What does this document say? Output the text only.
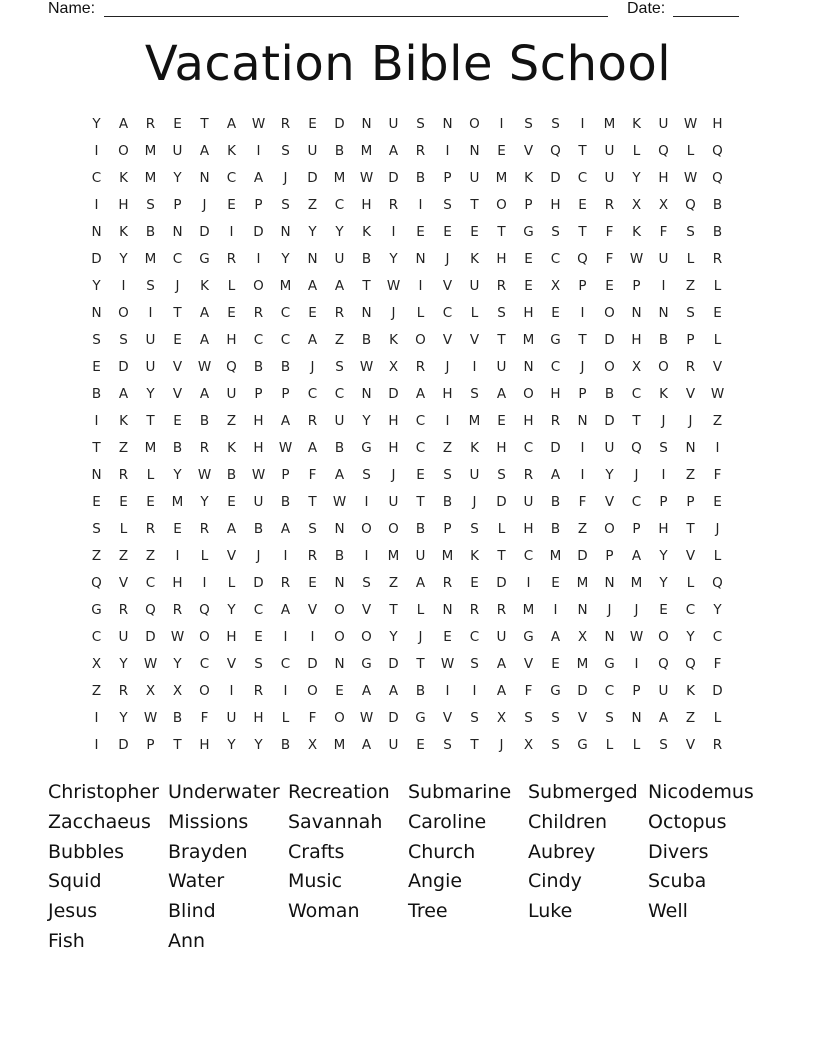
Name:	Date:
Vacation Bible School
Y	A	R	E	T	A	W	R	E	D	N	U	S	N	O	I	S	S	I	M	K	U	W	H
I	O	M	U	A	K	I	S	U	B	M	A	R	I	N	E	V	Q	T	U	L	Q	L	Q
C	K	M	Y	N	C	A	J	D	M	W	D	B	P	U	M	K	D	C	U	Y	H	W	Q
I	H	S	P	J	E	P	S	Z	C	H	R	I	S	T	O	P	H	E	R	X	X	Q	B
N	K	B	N	D	I	D	N	Y	Y	K	I	E	E	E	T	G	S	T	F	K	F	S	B
D	Y	M	C	G	R	I	Y	N	U	B	Y	N	J	K	H	E	C	Q	F	W	U	L	R
Y	I	S	J	K	L	O	M	A	A	T	W	I	V	U	R	E	X	P	E	P	I	Z	L
N	O	I	T	A	E	R	C	E	R	N	J	L	C	L	S	H	E	I	O	N	N	S	E
S	S	U	E	A	H	C	C	A	Z	B	K	O	V	V	T	M	G	T	D	H	B	P	L
E	D	U	V	W	Q	B	B	J	S	W	X	R	J	I	U	N	C	J	O	X	O	R	V
B	A	Y	V	A	U	P	P	C	C	N	D	A	H	S	A	O	H	P	B	C	K	V	W
I	K	T	E	B	Z	H	A	R	U	Y	H	C	I	M	E	H	R	N	D	T	J	J	Z
T	Z	M	B	R	K	H	W	A	B	G	H	C	Z	K	H	C	D	I	U	Q	S	N	I
N	R	L	Y	W	B	W	P	F	A	S	J	E	S	U	S	R	A	I	Y	J	I	Z	F
E	E	E	M	Y	E	U	B	T	W	I	U	T	B	J	D	U	B	F	V	C	P	P	E
S	L	R	E	R	A	B	A	S	N	O	O	B	P	S	L	H	B	Z	O	P	H	T	J
Z	Z	Z	I	L	V	J	I	R	B	I	M	U	M	K	T	C	M	D	P	A	Y	V	L
Q	V	C	H	I	L	D	R	E	N	S	Z	A	R	E	D	I	E	M	N	M	Y	L	Q
G	R	Q	R	Q	Y	C	A	V	O	V	T	L	N	R	R	M	I	N	J	J	E	C	Y
C	U	D	W	O	H	E	I	I	O	O	Y	J	E	C	U	G	A	X	N	W	O	Y	C
X	Y	W	Y	C	V	S	C	D	N	G	D	T	W	S	A	V	E	M	G	I	Q	Q	F
Z	R	X	X	O	I	R	I	O	E	A	A	B	I	I	A	F	G	D	C	P	U	K	D
I	Y	W	B	F	U	H	L	F	O	W	D	G	V	S	X	S	S	V	S	N	A	Z	L
I	D	P	T	H	Y	Y	B	X	M	A	U	E	S	T	J	X	S	G	L	L	S	V	R
Christopher Underwater Recreation Submarine Submerged Nicodemus
Zacchaeus Missions	Savannah	Caroline	Children	Octopus
Bubbles	Brayden	Crafts	Church	Aubrey	Divers
Squid	Water	Music	Angie	Cindy	Scuba
Jesus	Blind	Woman	Tree	Luke	Well
Fish	Ann
